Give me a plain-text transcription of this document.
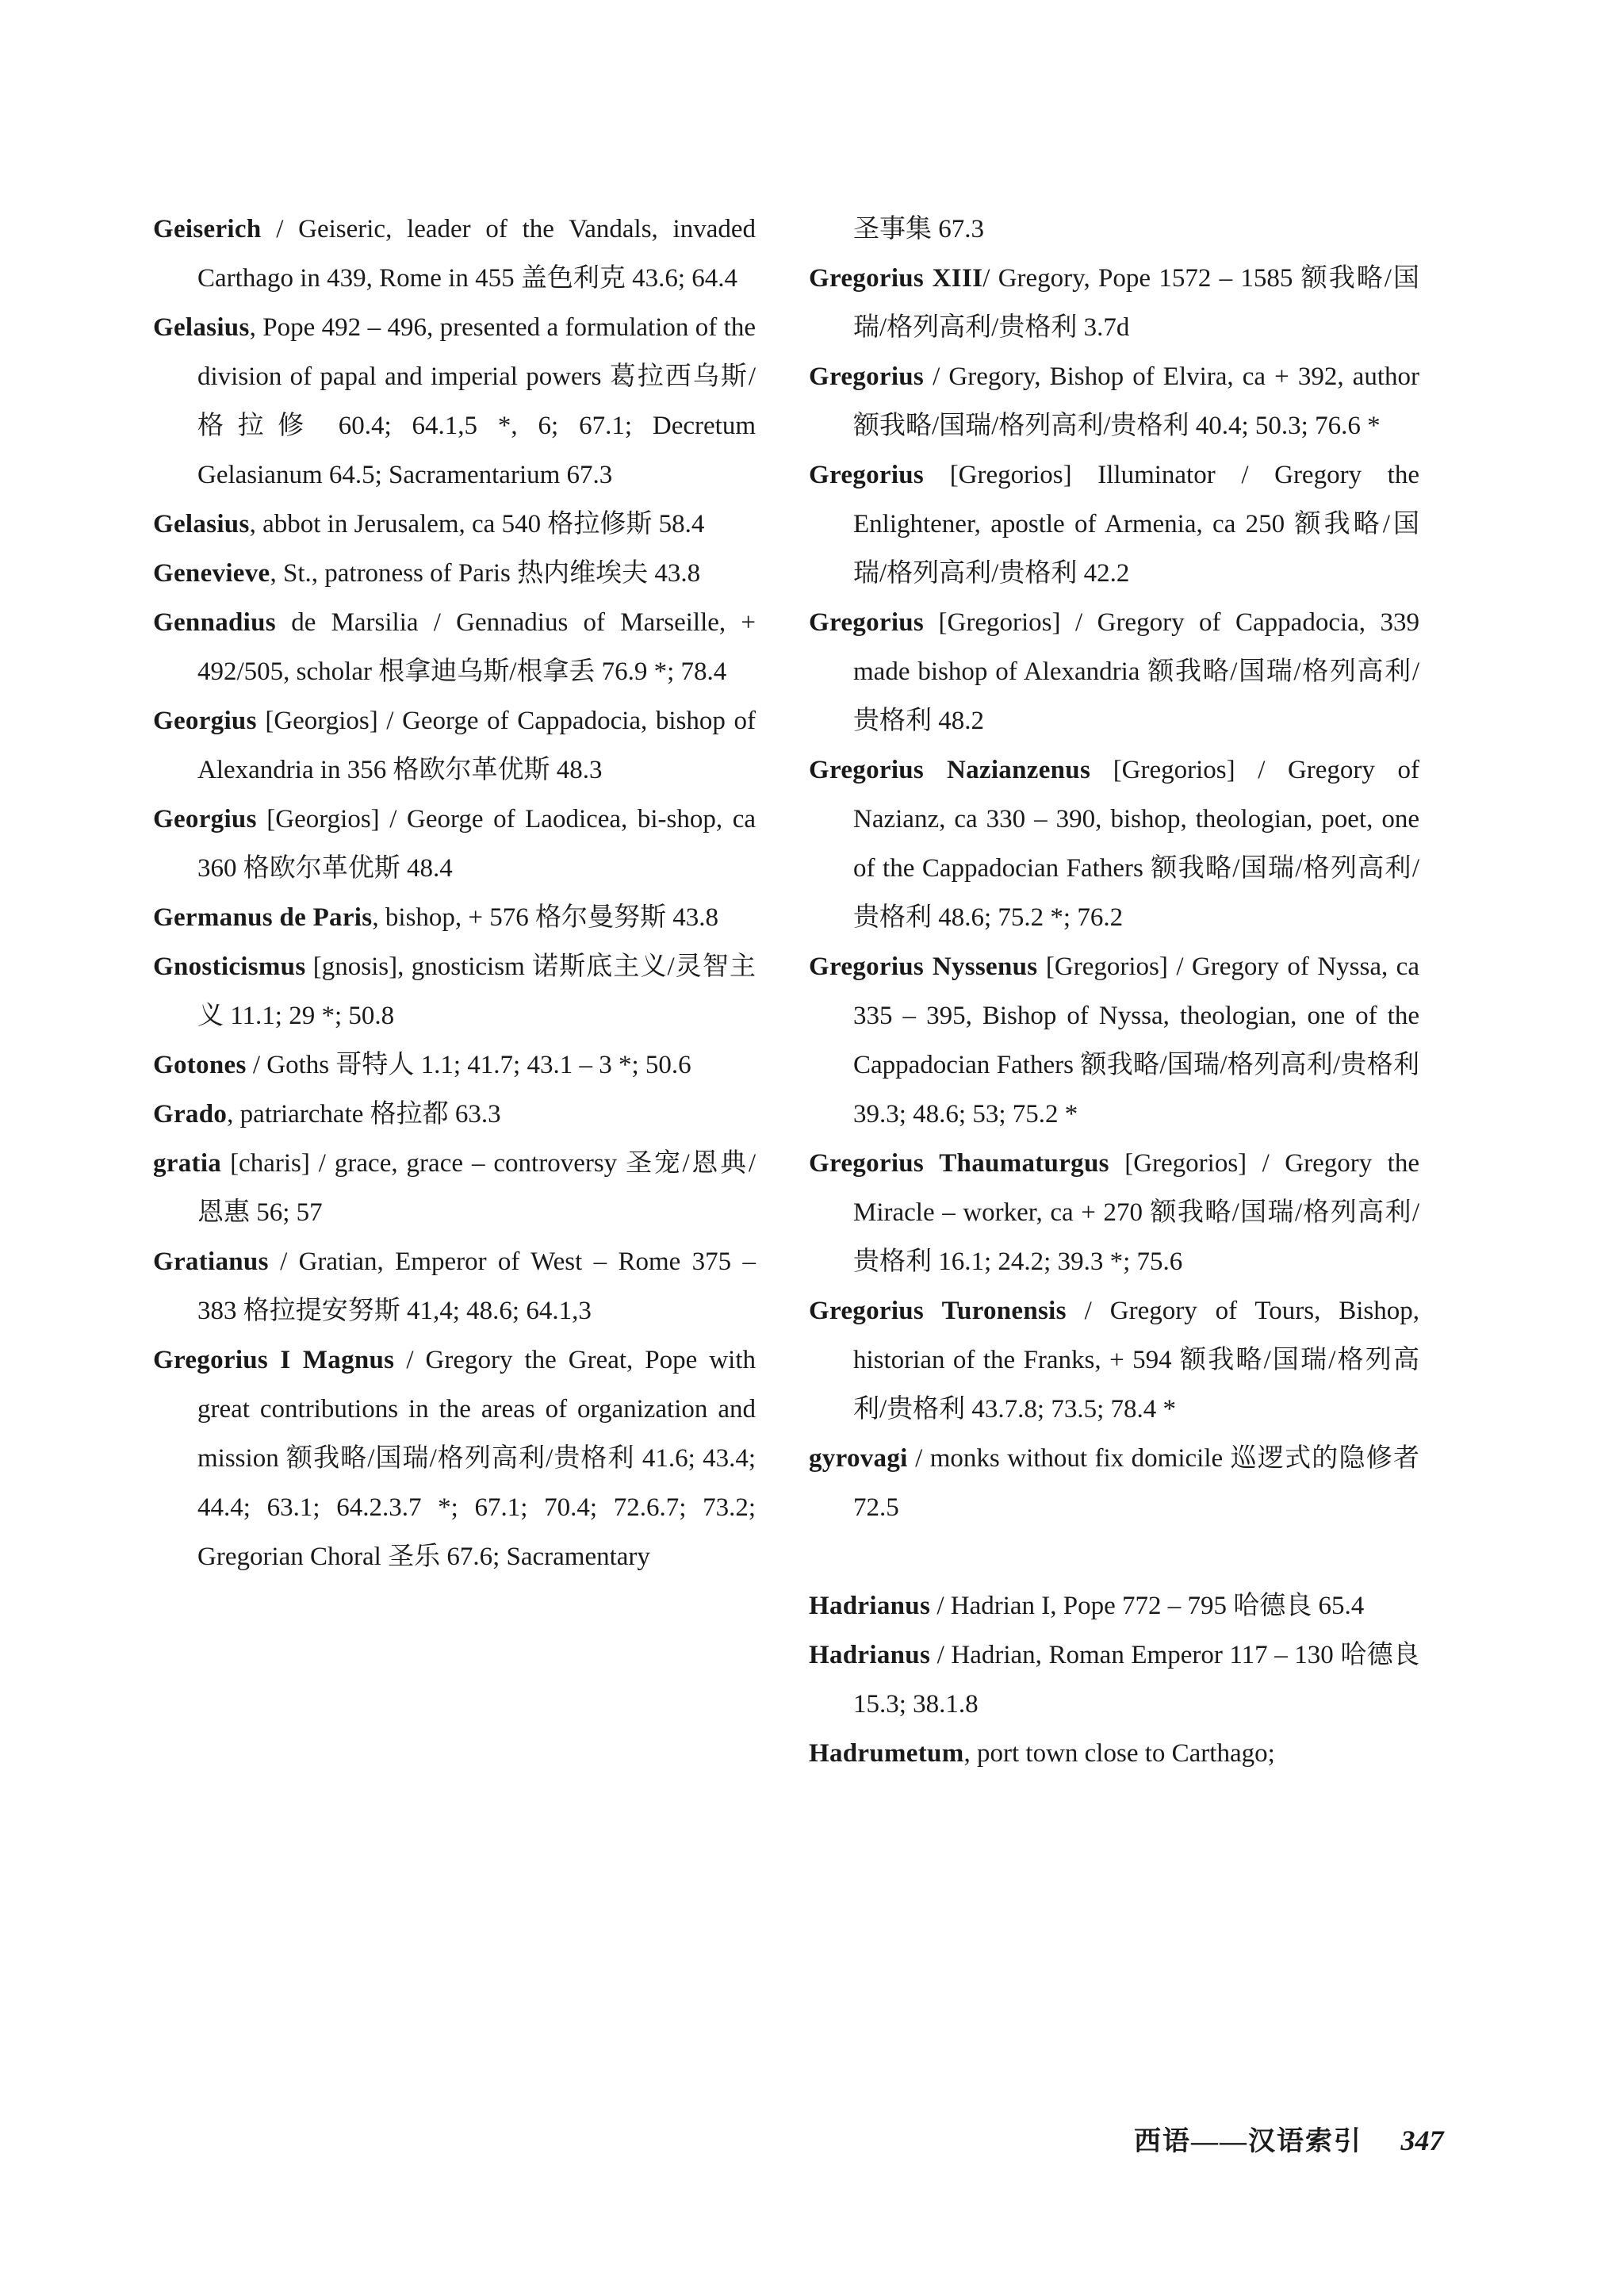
Geiserich / Geiseric, leader of the Vandals, invaded Carthago in 439, Rome in 455 盖色利克 43.6; 64.4

Gelasius, Pope 492 – 496, presented a formulation of the division of papal and imperial powers 葛拉西乌斯/格拉修 60.4; 64.1,5 *, 6; 67.1; Decretum Gelasianum 64.5; Sacramentarium 67.3

Gelasius, abbot in Jerusalem, ca 540 格拉修斯 58.4

Genevieve, St., patroness of Paris 热内维埃夫 43.8

Gennadius de Marsilia / Gennadius of Marseille, + 492/505, scholar 根拿迪乌斯/根拿丢 76.9 *; 78.4

Georgius [Georgios] / George of Cappadocia, bishop of Alexandria in 356 格欧尔革优斯 48.3

Georgius [Georgios] / George of Laodicea, bi-shop, ca 360 格欧尔革优斯 48.4

Germanus de Paris, bishop, + 576 格尔曼努斯 43.8

Gnosticismus [gnosis], gnosticism 诺斯底主义/灵智主义 11.1; 29 *; 50.8

Gotones / Goths 哥特人 1.1; 41.7; 43.1 – 3 *; 50.6

Grado, patriarchate 格拉都 63.3

gratia [charis] / grace, grace – controversy 圣宠/恩典/恩惠 56; 57

Gratianus / Gratian, Emperor of West – Rome 375 – 383 格拉提安努斯 41,4; 48.6; 64.1,3

Gregorius I Magnus / Gregory the Great, Pope with great contributions in the areas of organization and mission 额我略/国瑞/格列高利/贵格利 41.6; 43.4; 44.4; 63.1; 64.2.3.7 *; 67.1; 70.4; 72.6.7; 73.2; Gregorian Choral 圣乐 67.6; Sacramentary

圣事集 67.3

Gregorius XIII/ Gregory, Pope 1572 – 1585 额我略/国瑞/格列高利/贵格利 3.7d

Gregorius / Gregory, Bishop of Elvira, ca + 392, author 额我略/国瑞/格列高利/贵格利 40.4; 50.3; 76.6 *

Gregorius [Gregorios] Illuminator / Gregory the Enlightener, apostle of Armenia, ca 250 额我略/国瑞/格列高利/贵格利 42.2

Gregorius [Gregorios] / Gregory of Cappadocia, 339 made bishop of Alexandria 额我略/国瑞/格列高利/贵格利 48.2

Gregorius Nazianzenus [Gregorios] / Gregory of Nazianz, ca 330 – 390, bishop, theologian, poet, one of the Cappadocian Fathers 额我略/国瑞/格列高利/贵格利 48.6; 75.2 *; 76.2

Gregorius Nyssenus [Gregorios] / Gregory of Nyssa, ca 335 – 395, Bishop of Nyssa, theologian, one of the Cappadocian Fathers 额我略/国瑞/格列高利/贵格利 39.3; 48.6; 53; 75.2 *

Gregorius Thaumaturgus [Gregorios] / Gregory the Miracle – worker, ca + 270 额我略/国瑞/格列高利/贵格利 16.1; 24.2; 39.3 *; 75.6

Gregorius Turonensis / Gregory of Tours, Bishop, historian of the Franks, + 594 额我略/国瑞/格列高利/贵格利 43.7.8; 73.5; 78.4 *

gyrovagi / monks without fix domicile 巡逻式的隐修者 72.5

Hadrianus / Hadrian I, Pope 772 – 795 哈德良 65.4

Hadrianus / Hadrian, Roman Emperor 117 – 130 哈德良 15.3; 38.1.8

Hadrumetum, port town close to Carthago;

西语——汉语索引 347
